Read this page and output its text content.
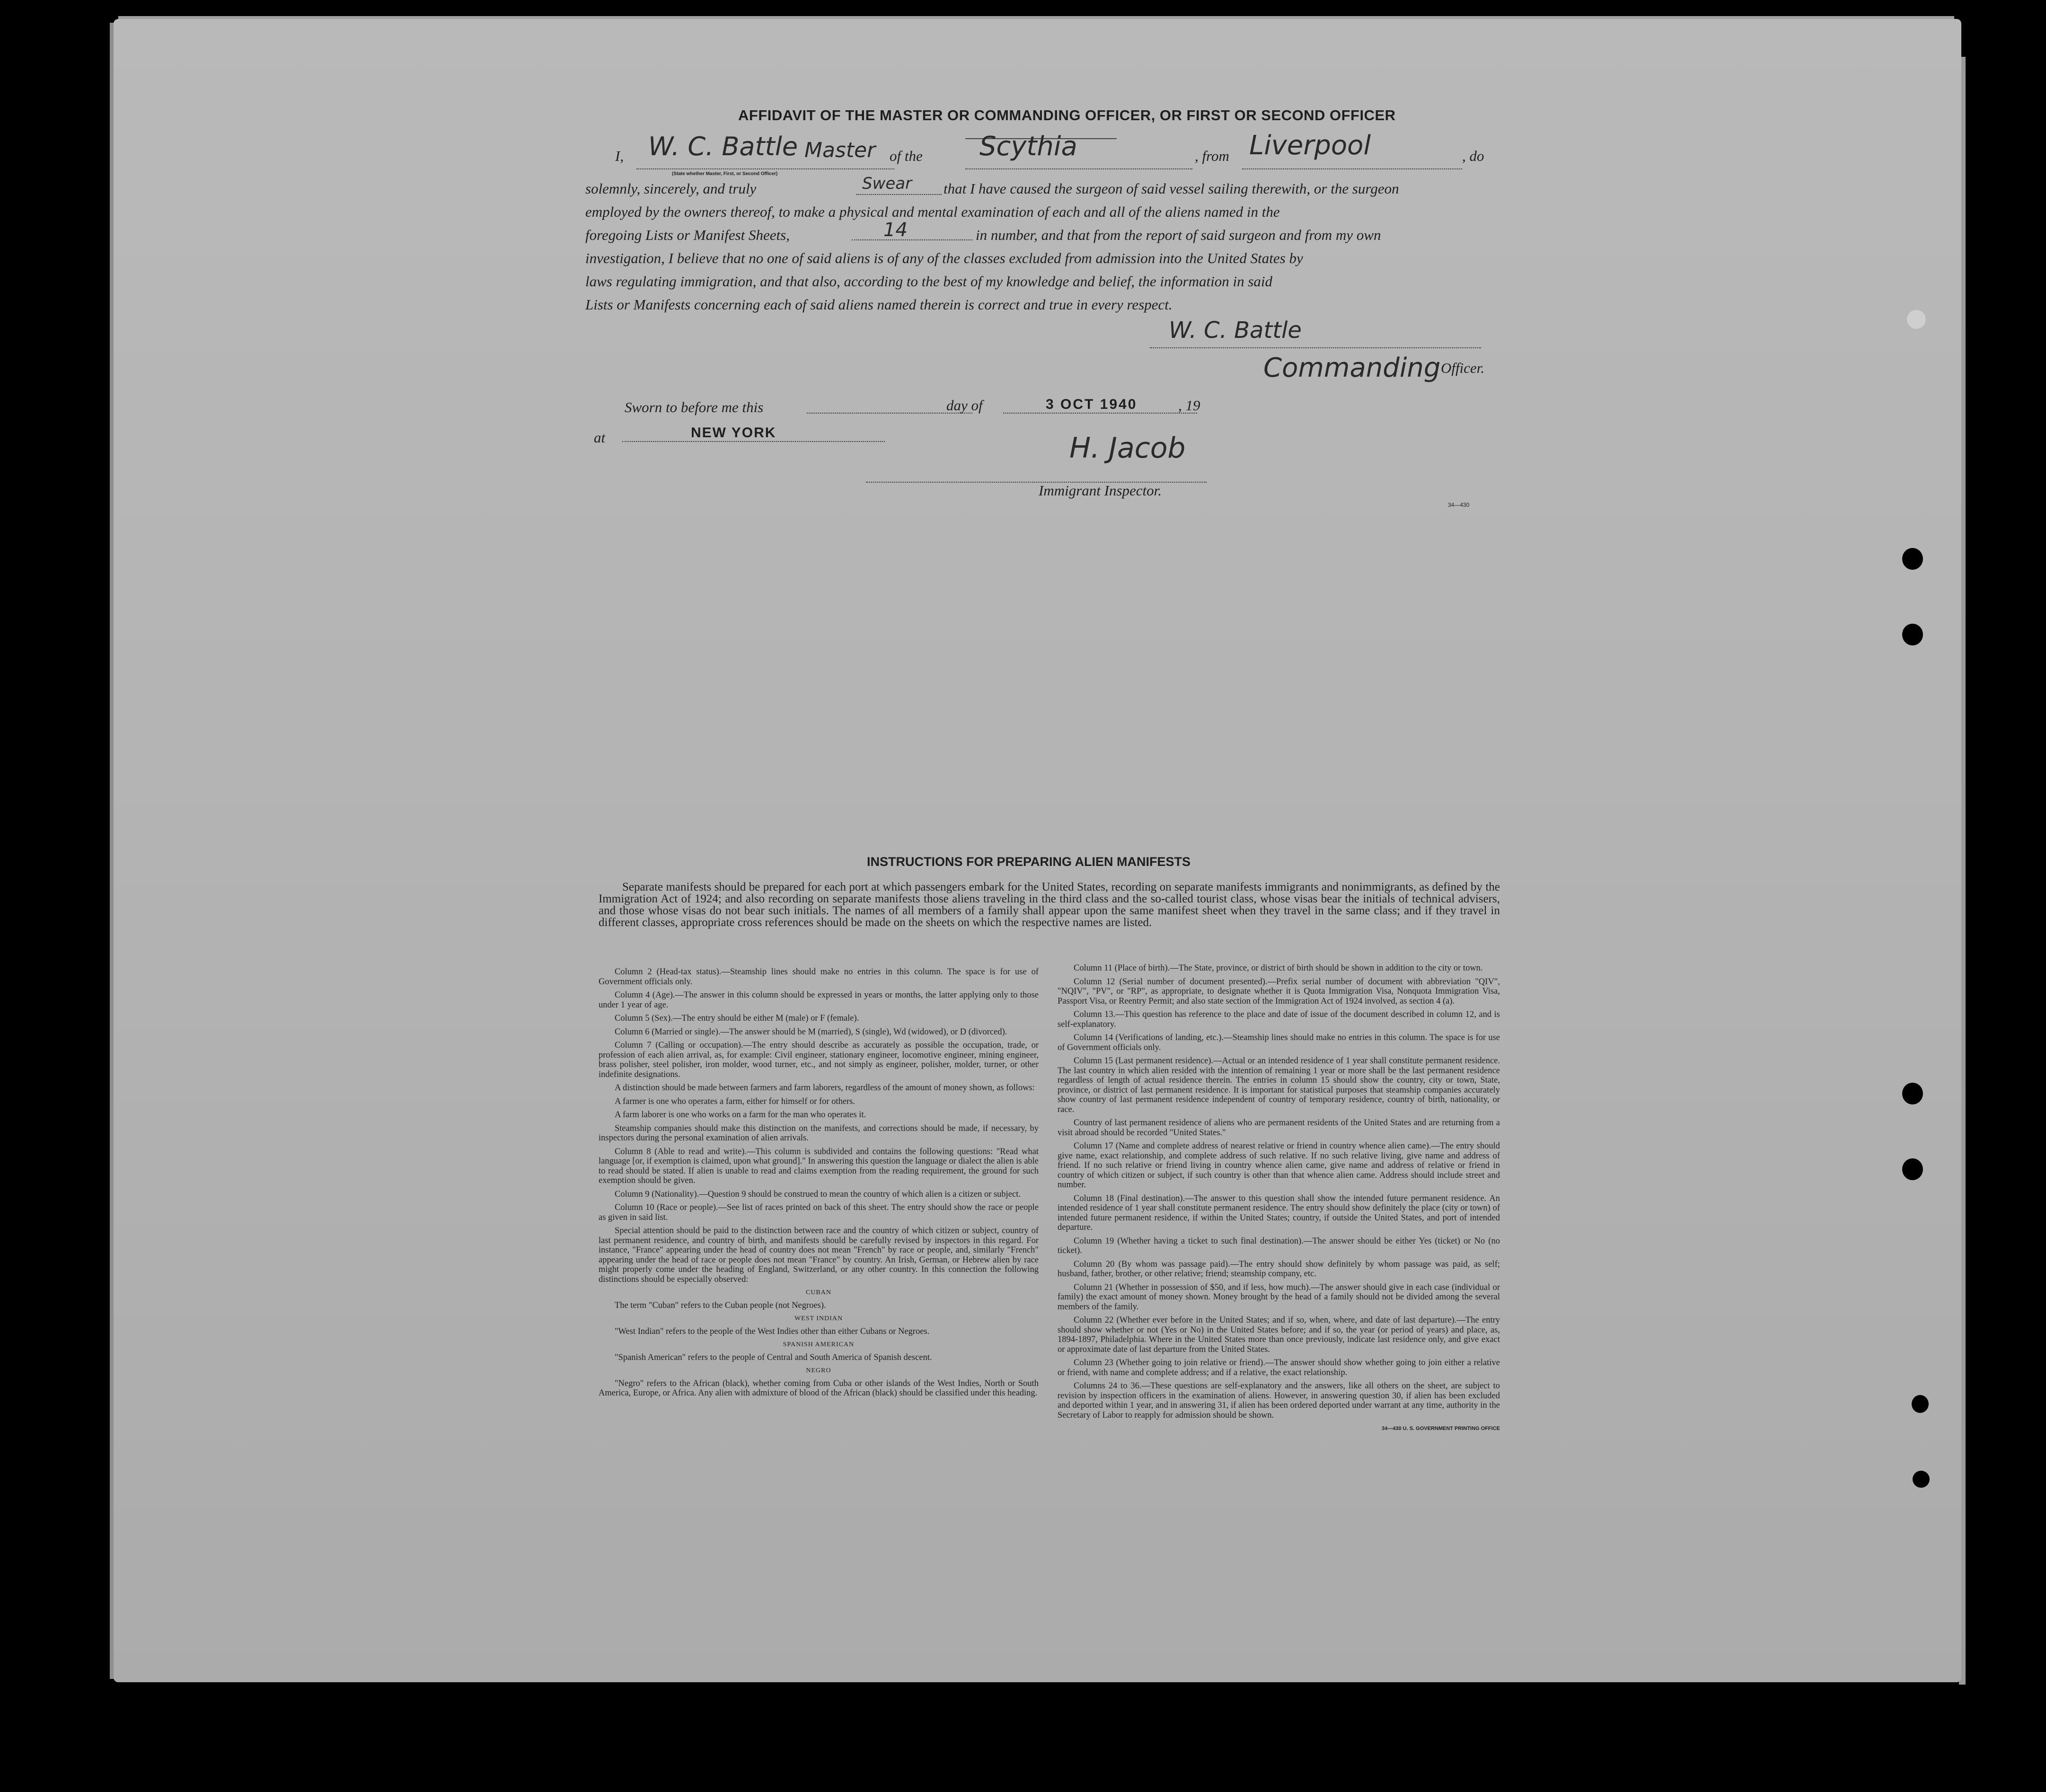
AFFIDAVIT OF THE MASTER OR COMMANDING OFFICER, OR FIRST OR SECOND OFFICER
I, W. C. Battle Master of the Scythia	, from Liverpool	, do
(State whether Master, First, or Second Officer)
solemnly, sincerely, and truly	Swear that I have caused the surgeon of said vessel sailing therewith, or the surgeon
employed by the owners thereof, to make a physical and mental examination of each and all of the aliens named in the
foregoing Lists or Manifest Sheets,	14	in number, and that from the report of said surgeon and from my own
investigation, I believe that no one of said aliens is of any of the classes excluded from admission into the United States by
laws regulating immigration, and that also, according to the best of my knowledge and belief, the information in said
Lists or Manifests concerning each of said aliens named therein is correct and true in every respect.
W. C. Battle
Commanding Officer.
Sworn to before me this	day of	3 OCT 1940	, 19
at	NEW YORK	H. Jacob
Immigrant Inspector.
34—430
INSTRUCTIONS FOR PREPARING ALIEN MANIFESTS
Separate manifests should be prepared for each port at which passengers embark for the United States, recording on separate manifests immigrants and nonimmigrants, as defined by the Immigration Act of 1924; and also recording on separate manifests those aliens traveling in the third class and the so-called tourist class, whose visas bear the initials of technical advisers, and those whose visas do not bear such initials. The names of all members of a family shall appear upon the same manifest sheet when they travel in the same class; and if they travel in different classes, appropriate cross references should be made on the sheets on which the respective names are listed.

Column 2 (Head-tax status).—Steamship lines should make no entries in this column. The space is for use of Government officials only.

Column 4 (Age).—The answer in this column should be expressed in years or months, the latter applying only to those under 1 year of age.

Column 5 (Sex).—The entry should be either M (male) or F (female).

Column 6 (Married or single).—The answer should be M (married), S (single), Wd (widowed), or D (divorced).

Column 7 (Calling or occupation).—The entry should describe as accurately as possible the occupation, trade, or profession of each alien arrival, as, for example: Civil engineer, stationary engineer, locomotive engineer, mining engineer, brass polisher, steel polisher, iron molder, wood turner, etc., and not simply as engineer, polisher, molder, turner, or other indefinite designations.

A distinction should be made between farmers and farm laborers, regardless of the amount of money shown, as follows:

A farmer is one who operates a farm, either for himself or for others.

A farm laborer is one who works on a farm for the man who operates it.

Steamship companies should make this distinction on the manifests, and corrections should be made, if necessary, by inspectors during the personal examination of alien arrivals.

Column 8 (Able to read and write).—This column is subdivided and contains the following questions: "Read what language [or, if exemption is claimed, upon what ground]." In answering this question the language or dialect the alien is able to read should be stated. If alien is unable to read and claims exemption from the reading requirement, the ground for such exemption should be given.

Column 9 (Nationality).—Question 9 should be construed to mean the country of which alien is a citizen or subject.

Column 10 (Race or people).—See list of races printed on back of this sheet. The entry should show the race or people as given in said list.

Special attention should be paid to the distinction between race and the country of which citizen or subject, country of last permanent residence, and country of birth, and manifests should be carefully revised by inspectors in this regard. For instance, "France" appearing under the head of country does not mean "French" by race or people, and, similarly "French" appearing under the head of race or people does not mean "France" by country. An Irish, German, or Hebrew alien by race might properly come under the heading of England, Switzerland, or any other country. In this connection the following distinctions should be especially observed:

CUBAN

The term "Cuban" refers to the Cuban people (not Negroes).

WEST INDIAN

"West Indian" refers to the people of the West Indies other than either Cubans or Negroes.

SPANISH AMERICAN

"Spanish American" refers to the people of Central and South America of Spanish descent.

NEGRO

"Negro" refers to the African (black), whether coming from Cuba or other islands of the West Indies, North or South America, Europe, or Africa. Any alien with admixture of blood of the African (black) should be classified under this heading.

Column 11 (Place of birth).—The State, province, or district of birth should be shown in addition to the city or town.

Column 12 (Serial number of document presented).—Prefix serial number of document with abbreviation "QIV", "NQIV", "PV", or "RP", as appropriate, to designate whether it is Quota Immigration Visa, Nonquota Immigration Visa, Passport Visa, or Reentry Permit; and also state section of the Immigration Act of 1924 involved, as section 4 (a).

Column 13.—This question has reference to the place and date of issue of the document described in column 12, and is self-explanatory.

Column 14 (Verifications of landing, etc.).—Steamship lines should make no entries in this column. The space is for use of Government officials only.

Column 15 (Last permanent residence).—Actual or an intended residence of 1 year shall constitute permanent residence. The last country in which alien resided with the intention of remaining 1 year or more shall be the last permanent residence regardless of length of actual residence therein. The entries in column 15 should show the country, city or town, State, province, or district of last permanent residence. It is important for statistical purposes that steamship companies accurately show country of last permanent residence independent of country of temporary residence, country of birth, nationality, or race.

Country of last permanent residence of aliens who are permanent residents of the United States and are returning from a visit abroad should be recorded "United States."

Column 17 (Name and complete address of nearest relative or friend in country whence alien came).—The entry should give name, exact relationship, and complete address of such relative. If no such relative living, give name and address of friend. If no such relative or friend living in country whence alien came, give name and address of relative or friend in country of which citizen or subject, if such country is other than that whence alien came. Address should include street and number.

Column 18 (Final destination).—The answer to this question shall show the intended future permanent residence. An intended residence of 1 year shall constitute permanent residence. The entry should show definitely the place (city or town) of intended future permanent residence, if within the United States; country, if outside the United States, and port of intended departure.

Column 19 (Whether having a ticket to such final destination).—The answer should be either Yes (ticket) or No (no ticket).

Column 20 (By whom was passage paid).—The entry should show definitely by whom passage was paid, as self; husband, father, brother, or other relative; friend; steamship company, etc.

Column 21 (Whether in possession of $50, and if less, how much).—The answer should give in each case (individual or family) the exact amount of money shown. Money brought by the head of a family should not be divided among the several members of the family.

Column 22 (Whether ever before in the United States; and if so, when, where, and date of last departure).—The entry should show whether or not (Yes or No) in the United States before; and if so, the year (or period of years) and place, as, 1894-1897, Philadelphia. Where in the United States more than once previously, indicate last residence only, and give exact or approximate date of last departure from the United States.

Column 23 (Whether going to join relative or friend).—The answer should show whether going to join either a relative or friend, with name and complete address; and if a relative, the exact relationship.

Columns 24 to 36.—These questions are self-explanatory and the answers, like all others on the sheet, are subject to revision by inspection officers in the examination of aliens. However, in answering question 30, if alien has been excluded and deported within 1 year, and in answering 31, if alien has been ordered deported under warrant at any time, authority in the Secretary of Labor to reapply for admission should be shown.

34—430 U. S. GOVERNMENT PRINTING OFFICE
